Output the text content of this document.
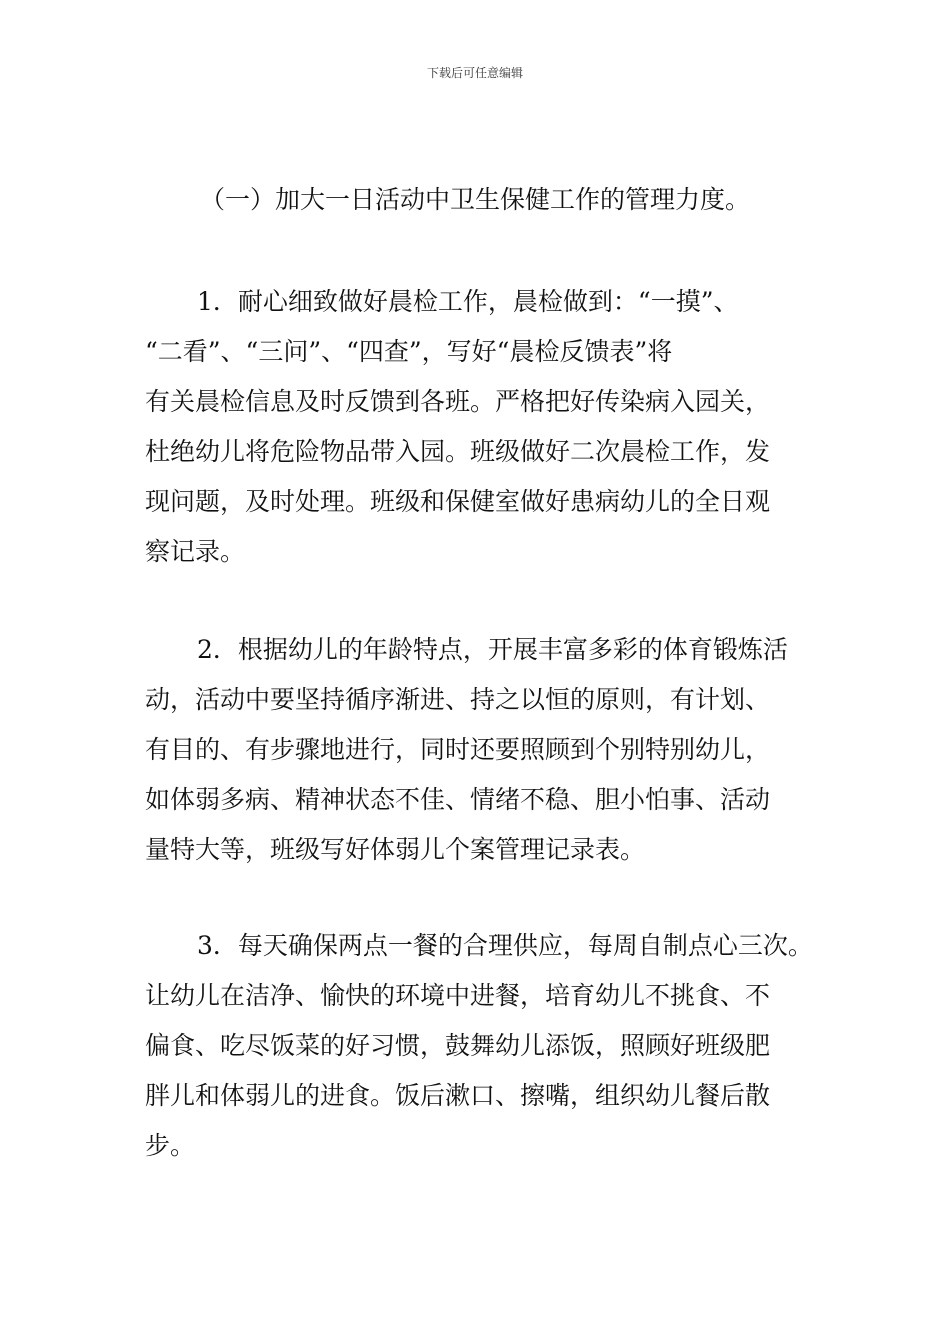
下载后可任意编辑
（一）加大一日活动中卫生保健工作的管理力度。
1．耐心细致做好晨检工作，晨检做到：“一摸”、
“二看”、“三问”、“四查”，写好“晨检反馈表”将
有关晨检信息及时反馈到各班。严格把好传染病入园关，
杜绝幼儿将危险物品带入园。班级做好二次晨检工作，发
现问题，及时处理。班级和保健室做好患病幼儿的全日观
察记录。
2．根据幼儿的年龄特点，开展丰富多彩的体育锻炼活
动，活动中要坚持循序渐进、持之以恒的原则，有计划、
有目的、有步骤地进行，同时还要照顾到个别特别幼儿，
如体弱多病、精神状态不佳、情绪不稳、胆小怕事、活动
量特大等，班级写好体弱儿个案管理记录表。
3．每天确保两点一餐的合理供应，每周自制点心三次。
让幼儿在洁净、愉快的环境中进餐，培育幼儿不挑食、不
偏食、吃尽饭菜的好习惯，鼓舞幼儿添饭，照顾好班级肥
胖儿和体弱儿的进食。饭后漱口、擦嘴，组织幼儿餐后散
步。
